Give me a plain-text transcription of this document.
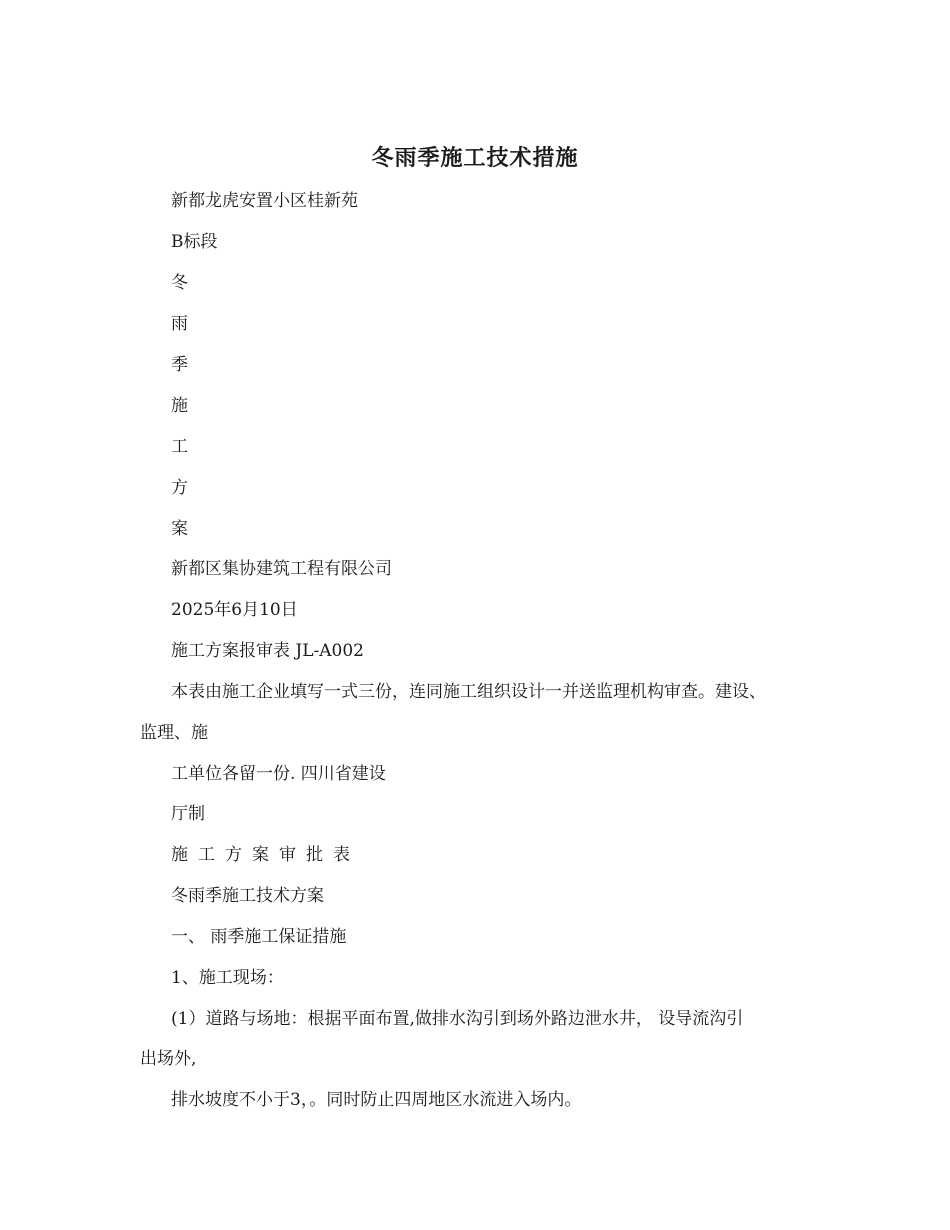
冬雨季施工技术措施

新都龙虎安置小区桂新苑

B标段

冬

雨

季

施

工

方

案

新都区集协建筑工程有限公司

2025年6月10日

施工方案报审表 JL-A002

本表由施工企业填写一式三份，连同施工组织设计一并送监理机构审查。建设、

监理、施

工单位各留一份. 四川省建设

厅制

施工方案审批表

冬雨季施工技术方案

一、 雨季施工保证措施

1、施工现场：

(1）道路与场地：根据平面布置,做排水沟引到场外路边泄水井， 设导流沟引

出场外,

排水坡度不小于3，。同时防止四周地区水流进入场内。
